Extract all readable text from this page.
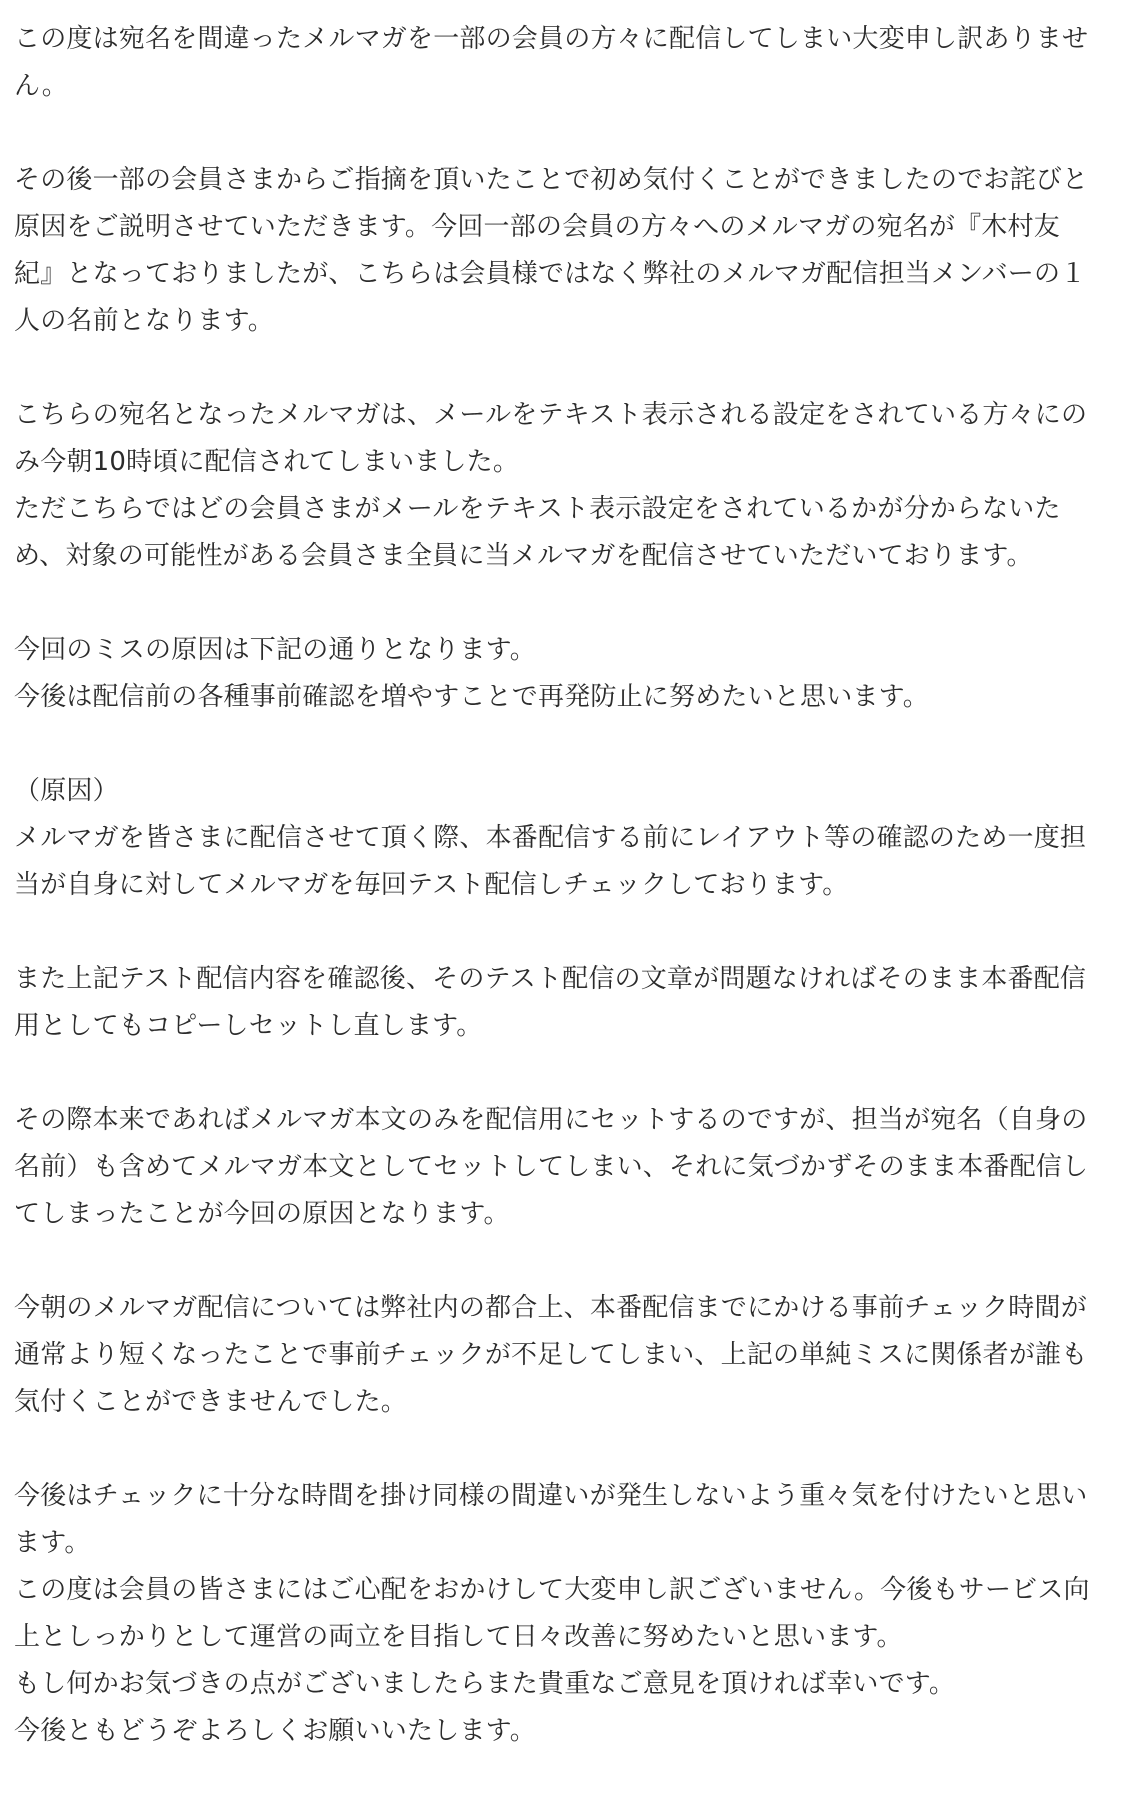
この度は宛名を間違ったメルマガを一部の会員の方々に配信してしまい大変申し訳ありませ
ん。
その後一部の会員さまからご指摘を頂いたことで初め気付くことができましたのでお詫びと
原因をご説明させていただきます。今回一部の会員の方々へのメルマガの宛名が『木村友
紀』となっておりましたが、こちらは会員様ではなく弊社のメルマガ配信担当メンバーの１
人の名前となります。
こちらの宛名となったメルマガは、メールをテキスト表示される設定をされている方々にの
み今朝10時頃に配信されてしまいました。
ただこちらではどの会員さまがメールをテキスト表示設定をされているかが分からないた
め、対象の可能性がある会員さま全員に当メルマガを配信させていただいております。
今回のミスの原因は下記の通りとなります。
今後は配信前の各種事前確認を増やすことで再発防止に努めたいと思います。
（原因）
メルマガを皆さまに配信させて頂く際、本番配信する前にレイアウト等の確認のため一度担
当が自身に対してメルマガを毎回テスト配信しチェックしております。
また上記テスト配信内容を確認後、そのテスト配信の文章が問題なければそのまま本番配信
用としてもコピーしセットし直します。
その際本来であればメルマガ本文のみを配信用にセットするのですが、担当が宛名（自身の
名前）も含めてメルマガ本文としてセットしてしまい、それに気づかずそのまま本番配信し
てしまったことが今回の原因となります。
今朝のメルマガ配信については弊社内の都合上、本番配信までにかける事前チェック時間が
通常より短くなったことで事前チェックが不足してしまい、上記の単純ミスに関係者が誰も
気付くことができませんでした。
今後はチェックに十分な時間を掛け同様の間違いが発生しないよう重々気を付けたいと思い
ます。
この度は会員の皆さまにはご心配をおかけして大変申し訳ございません。今後もサービス向
上としっかりとして運営の両立を目指して日々改善に努めたいと思います。
もし何かお気づきの点がございましたらまた貴重なご意見を頂ければ幸いです。
今後ともどうぞよろしくお願いいたします。
